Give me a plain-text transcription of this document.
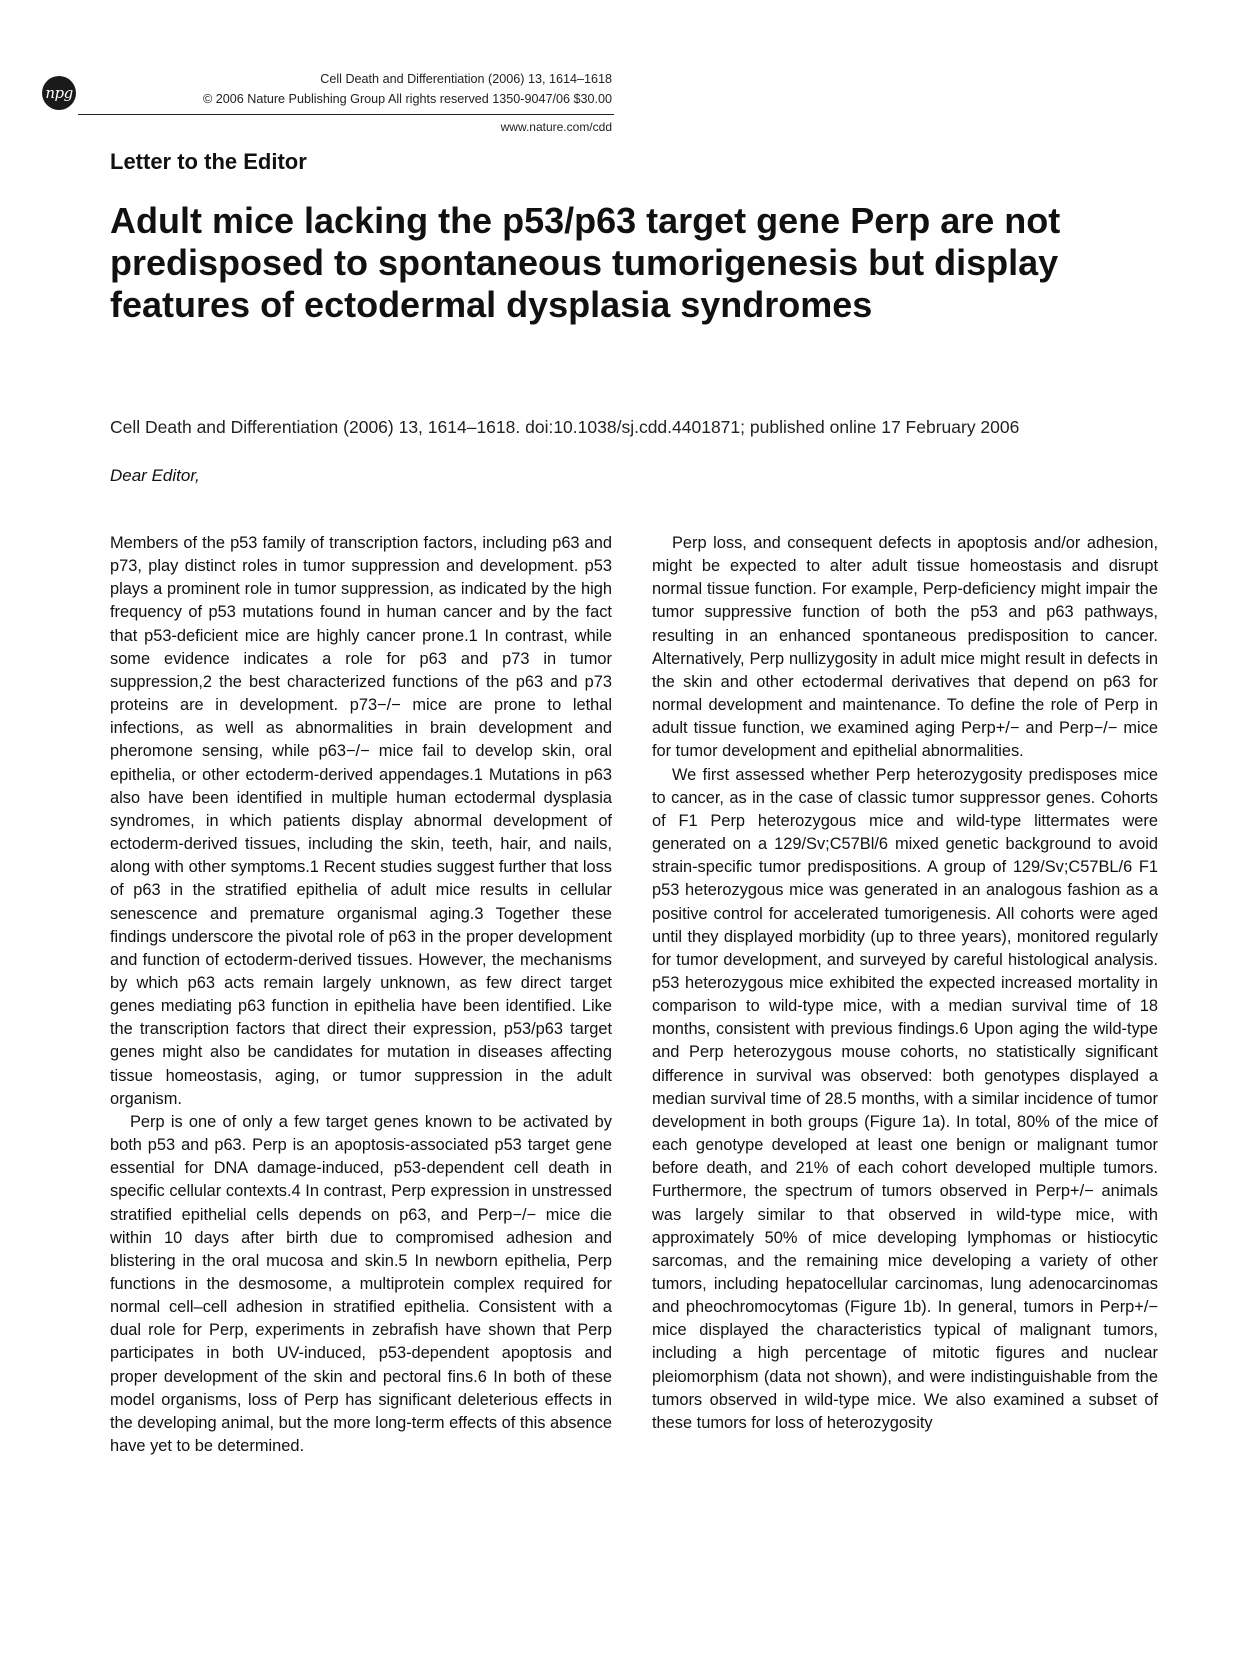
npg
Cell Death and Differentiation (2006) 13, 1614–1618
© 2006 Nature Publishing Group All rights reserved 1350-9047/06 $30.00
www.nature.com/cdd
Letter to the Editor
Adult mice lacking the p53/p63 target gene Perp are not predisposed to spontaneous tumorigenesis but display features of ectodermal dysplasia syndromes
Cell Death and Differentiation (2006) 13, 1614–1618. doi:10.1038/sj.cdd.4401871; published online 17 February 2006
Dear Editor,

Members of the p53 family of transcription factors, including p63 and p73, play distinct roles in tumor suppression and development. p53 plays a prominent role in tumor suppression, as indicated by the high frequency of p53 mutations found in human cancer and by the fact that p53-deficient mice are highly cancer prone.1 In contrast, while some evidence indicates a role for p63 and p73 in tumor suppression,2 the best characterized functions of the p63 and p73 proteins are in development. p73−/− mice are prone to lethal infections, as well as abnormalities in brain development and pheromone sensing, while p63−/− mice fail to develop skin, oral epithelia, or other ectoderm-derived appendages.1 Mutations in p63 also have been identified in multiple human ectodermal dysplasia syndromes, in which patients display abnormal development of ectoderm-derived tissues, including the skin, teeth, hair, and nails, along with other symptoms.1 Recent studies suggest further that loss of p63 in the stratified epithelia of adult mice results in cellular senescence and premature organismal aging.3 Together these findings underscore the pivotal role of p63 in the proper development and function of ectoderm-derived tissues. However, the mechanisms by which p63 acts remain largely unknown, as few direct target genes mediating p63 function in epithelia have been identified. Like the transcription factors that direct their expression, p53/p63 target genes might also be candidates for mutation in diseases affecting tissue homeostasis, aging, or tumor suppression in the adult organism.

Perp is one of only a few target genes known to be activated by both p53 and p63. Perp is an apoptosis-associated p53 target gene essential for DNA damage-induced, p53-dependent cell death in specific cellular contexts.4 In contrast, Perp expression in unstressed stratified epithelial cells depends on p63, and Perp−/− mice die within 10 days after birth due to compromised adhesion and blistering in the oral mucosa and skin.5 In newborn epithelia, Perp functions in the desmosome, a multiprotein complex required for normal cell–cell adhesion in stratified epithelia. Consistent with a dual role for Perp, experiments in zebrafish have shown that Perp participates in both UV-induced, p53-dependent apoptosis and proper development of the skin and pectoral fins.6 In both of these model organisms, loss of Perp has significant deleterious effects in the developing animal, but the more long-term effects of this absence have yet to be determined.

Perp loss, and consequent defects in apoptosis and/or adhesion, might be expected to alter adult tissue homeostasis and disrupt normal tissue function. For example, Perp-deficiency might impair the tumor suppressive function of both the p53 and p63 pathways, resulting in an enhanced spontaneous predisposition to cancer. Alternatively, Perp nullizygosity in adult mice might result in defects in the skin and other ectodermal derivatives that depend on p63 for normal development and maintenance. To define the role of Perp in adult tissue function, we examined aging Perp+/− and Perp−/− mice for tumor development and epithelial abnormalities.

We first assessed whether Perp heterozygosity predisposes mice to cancer, as in the case of classic tumor suppressor genes. Cohorts of F1 Perp heterozygous mice and wild-type littermates were generated on a 129/Sv;C57Bl/6 mixed genetic background to avoid strain-specific tumor predispositions. A group of 129/Sv;C57BL/6 F1 p53 heterozygous mice was generated in an analogous fashion as a positive control for accelerated tumorigenesis. All cohorts were aged until they displayed morbidity (up to three years), monitored regularly for tumor development, and surveyed by careful histological analysis. p53 heterozygous mice exhibited the expected increased mortality in comparison to wild-type mice, with a median survival time of 18 months, consistent with previous findings.6 Upon aging the wild-type and Perp heterozygous mouse cohorts, no statistically significant difference in survival was observed: both genotypes displayed a median survival time of 28.5 months, with a similar incidence of tumor development in both groups (Figure 1a). In total, 80% of the mice of each genotype developed at least one benign or malignant tumor before death, and 21% of each cohort developed multiple tumors. Furthermore, the spectrum of tumors observed in Perp+/− animals was largely similar to that observed in wild-type mice, with approximately 50% of mice developing lymphomas or histiocytic sarcomas, and the remaining mice developing a variety of other tumors, including hepatocellular carcinomas, lung adenocarcinomas and pheochromocytomas (Figure 1b). In general, tumors in Perp+/− mice displayed the characteristics typical of malignant tumors, including a high percentage of mitotic figures and nuclear pleiomorphism (data not shown), and were indistinguishable from the tumors observed in wild-type mice. We also examined a subset of these tumors for loss of heterozygosity
